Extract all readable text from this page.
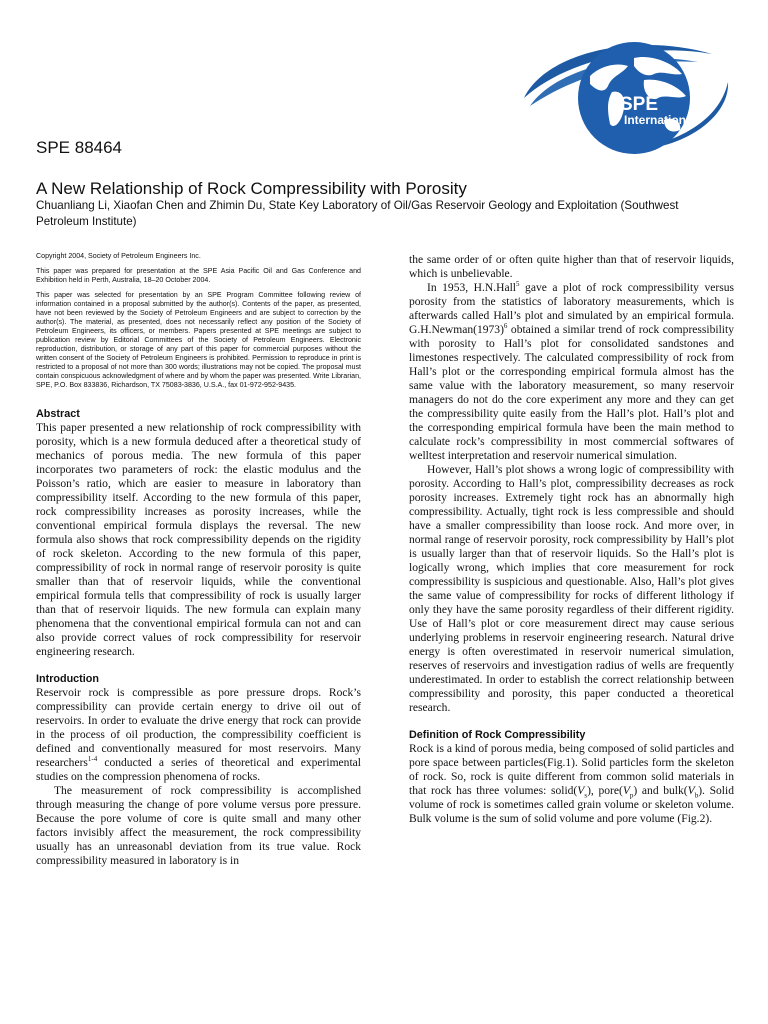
SPE
International
SPE 88464
A New Relationship of Rock Compressibility with Porosity

Chuanliang Li, Xiaofan Chen and Zhimin Du, State Key Laboratory of Oil/Gas Reservoir Geology and Exploitation (Southwest Petroleum Institute)

Copyright 2004, Society of Petroleum Engineers Inc.

This paper was prepared for presentation at the SPE Asia Pacific Oil and Gas Conference and Exhibition held in Perth, Australia, 18–20 October 2004.

This paper was selected for presentation by an SPE Program Committee following review of information contained in a proposal submitted by the author(s). Contents of the paper, as presented, have not been reviewed by the Society of Petroleum Engineers and are subject to correction by the author(s). The material, as presented, does not necessarily reflect any position of the Society of Petroleum Engineers, its officers, or members. Papers presented at SPE meetings are subject to publication review by Editorial Committees of the Society of Petroleum Engineers. Electronic reproduction, distribution, or storage of any part of this paper for commercial purposes without the written consent of the Society of Petroleum Engineers is prohibited. Permission to reproduce in print is restricted to a proposal of not more than 300 words; illustrations may not be copied. The proposal must contain conspicuous acknowledgment of where and by whom the paper was presented. Write Librarian, SPE, P.O. Box 833836, Richardson, TX 75083-3836, U.S.A., fax 01-972-952-9435.

Abstract

This paper presented a new relationship of rock compressibility with porosity, which is a new formula deduced after a theoretical study of mechanics of porous media. The new formula of this paper incorporates two parameters of rock: the elastic modulus and the Poisson’s ratio, which are easier to measure in laboratory than compressibility itself. According to the new formula of this paper, rock compressibility increases as porosity increases, while the conventional empirical formula displays the reversal. The new formula also shows that rock compressibility depends on the rigidity of rock skeleton. According to the new formula of this paper, compressibility of rock in normal range of reservoir porosity is quite smaller than that of reservoir liquids, while the conventional empirical formula tells that compressibility of rock is usually larger than that of reservoir liquids. The new formula can explain many phenomena that the conventional empirical formula can not and can also provide correct values of rock compressibility for reservoir engineering research.

Introduction

Reservoir rock is compressible as pore pressure drops. Rock’s compressibility can provide certain energy to drive oil out of reservoirs. In order to evaluate the drive energy that rock can provide in the process of oil production, the compressibility coefficient is defined and conventionally measured for most reservoirs. Many researchers$^{1-4}$ conducted a series of theoretical and experimental studies on the compression phenomena of rocks.

The measurement of rock compressibility is accomplished through measuring the change of pore volume versus pore pressure. Because the pore volume of core is quite small and many other factors invisibly affect the measurement, the rock compressibility usually has an unreasonabl deviation from its true value. Rock compressibility measured in laboratory is in

the same order of or often quite higher than that of reservoir liquids, which is unbelievable.

In 1953, H.N.Hall$^5$ gave a plot of rock compressibility versus porosity from the statistics of laboratory measurements, which is afterwards called Hall’s plot and simulated by an empirical formula. $G.H.Newman(1973)^6$ obtained a similar trend of rock compressibility with porosity to Hall’s plot for consolidated sandstones and limestones respectively. The calculated compressibility of rock from Hall’s plot or the corresponding empirical formula almost has the same value with the laboratory measurement, so many reservoir managers do not do the core experiment any more and they can get the compressibility quite easily from the Hall’s plot. Hall’s plot and the corresponding empirical formula have been the main method to calculate rock’s compressibility in most commercial softwares of welltest interpretation and reservoir numerical simulation.

However, Hall’s plot shows a wrong logic of compressibility with porosity. According to Hall’s plot, compressibility decreases as rock porosity increases. Extremely tight rock has an abnormally high compressibility. Actually, tight rock is less compressible and should have a smaller compressibility than loose rock. And more over, in normal range of reservoir porosity, rock compressibility by Hall’s plot is usually larger than that of reservoir liquids. So the Hall’s plot is logically wrong, which implies that core measurement for rock compressibility is suspicious and questionable. Also, Hall’s plot gives the same value of compressibility for rocks of different lithology if only they have the same porosity regardless of their different rigidity. Use of Hall’s plot or core measurement direct may cause serious underlying problems in reservoir engineering research. Natural drive energy is often overestimated in reservoir numerical simulation, reserves of reservoirs and investigation radius of wells are frequently underestimated. In order to establish the correct relationship between compressibility and porosity, this paper conducted a theoretical research.

Definition of Rock Compressibility

Rock is a kind of porous media, being composed of solid particles and pore space between particles(Fig.1). Solid particles form the skeleton of rock. So, rock is quite different from common solid materials in that rock has three volumes: $solid(V_s)$, $pore(V_p)$ and $bulk(V_b)$. Solid volume of rock is sometimes called grain volume or skeleton volume. Bulk volume is the sum of solid volume and pore volume (Fig.2).
